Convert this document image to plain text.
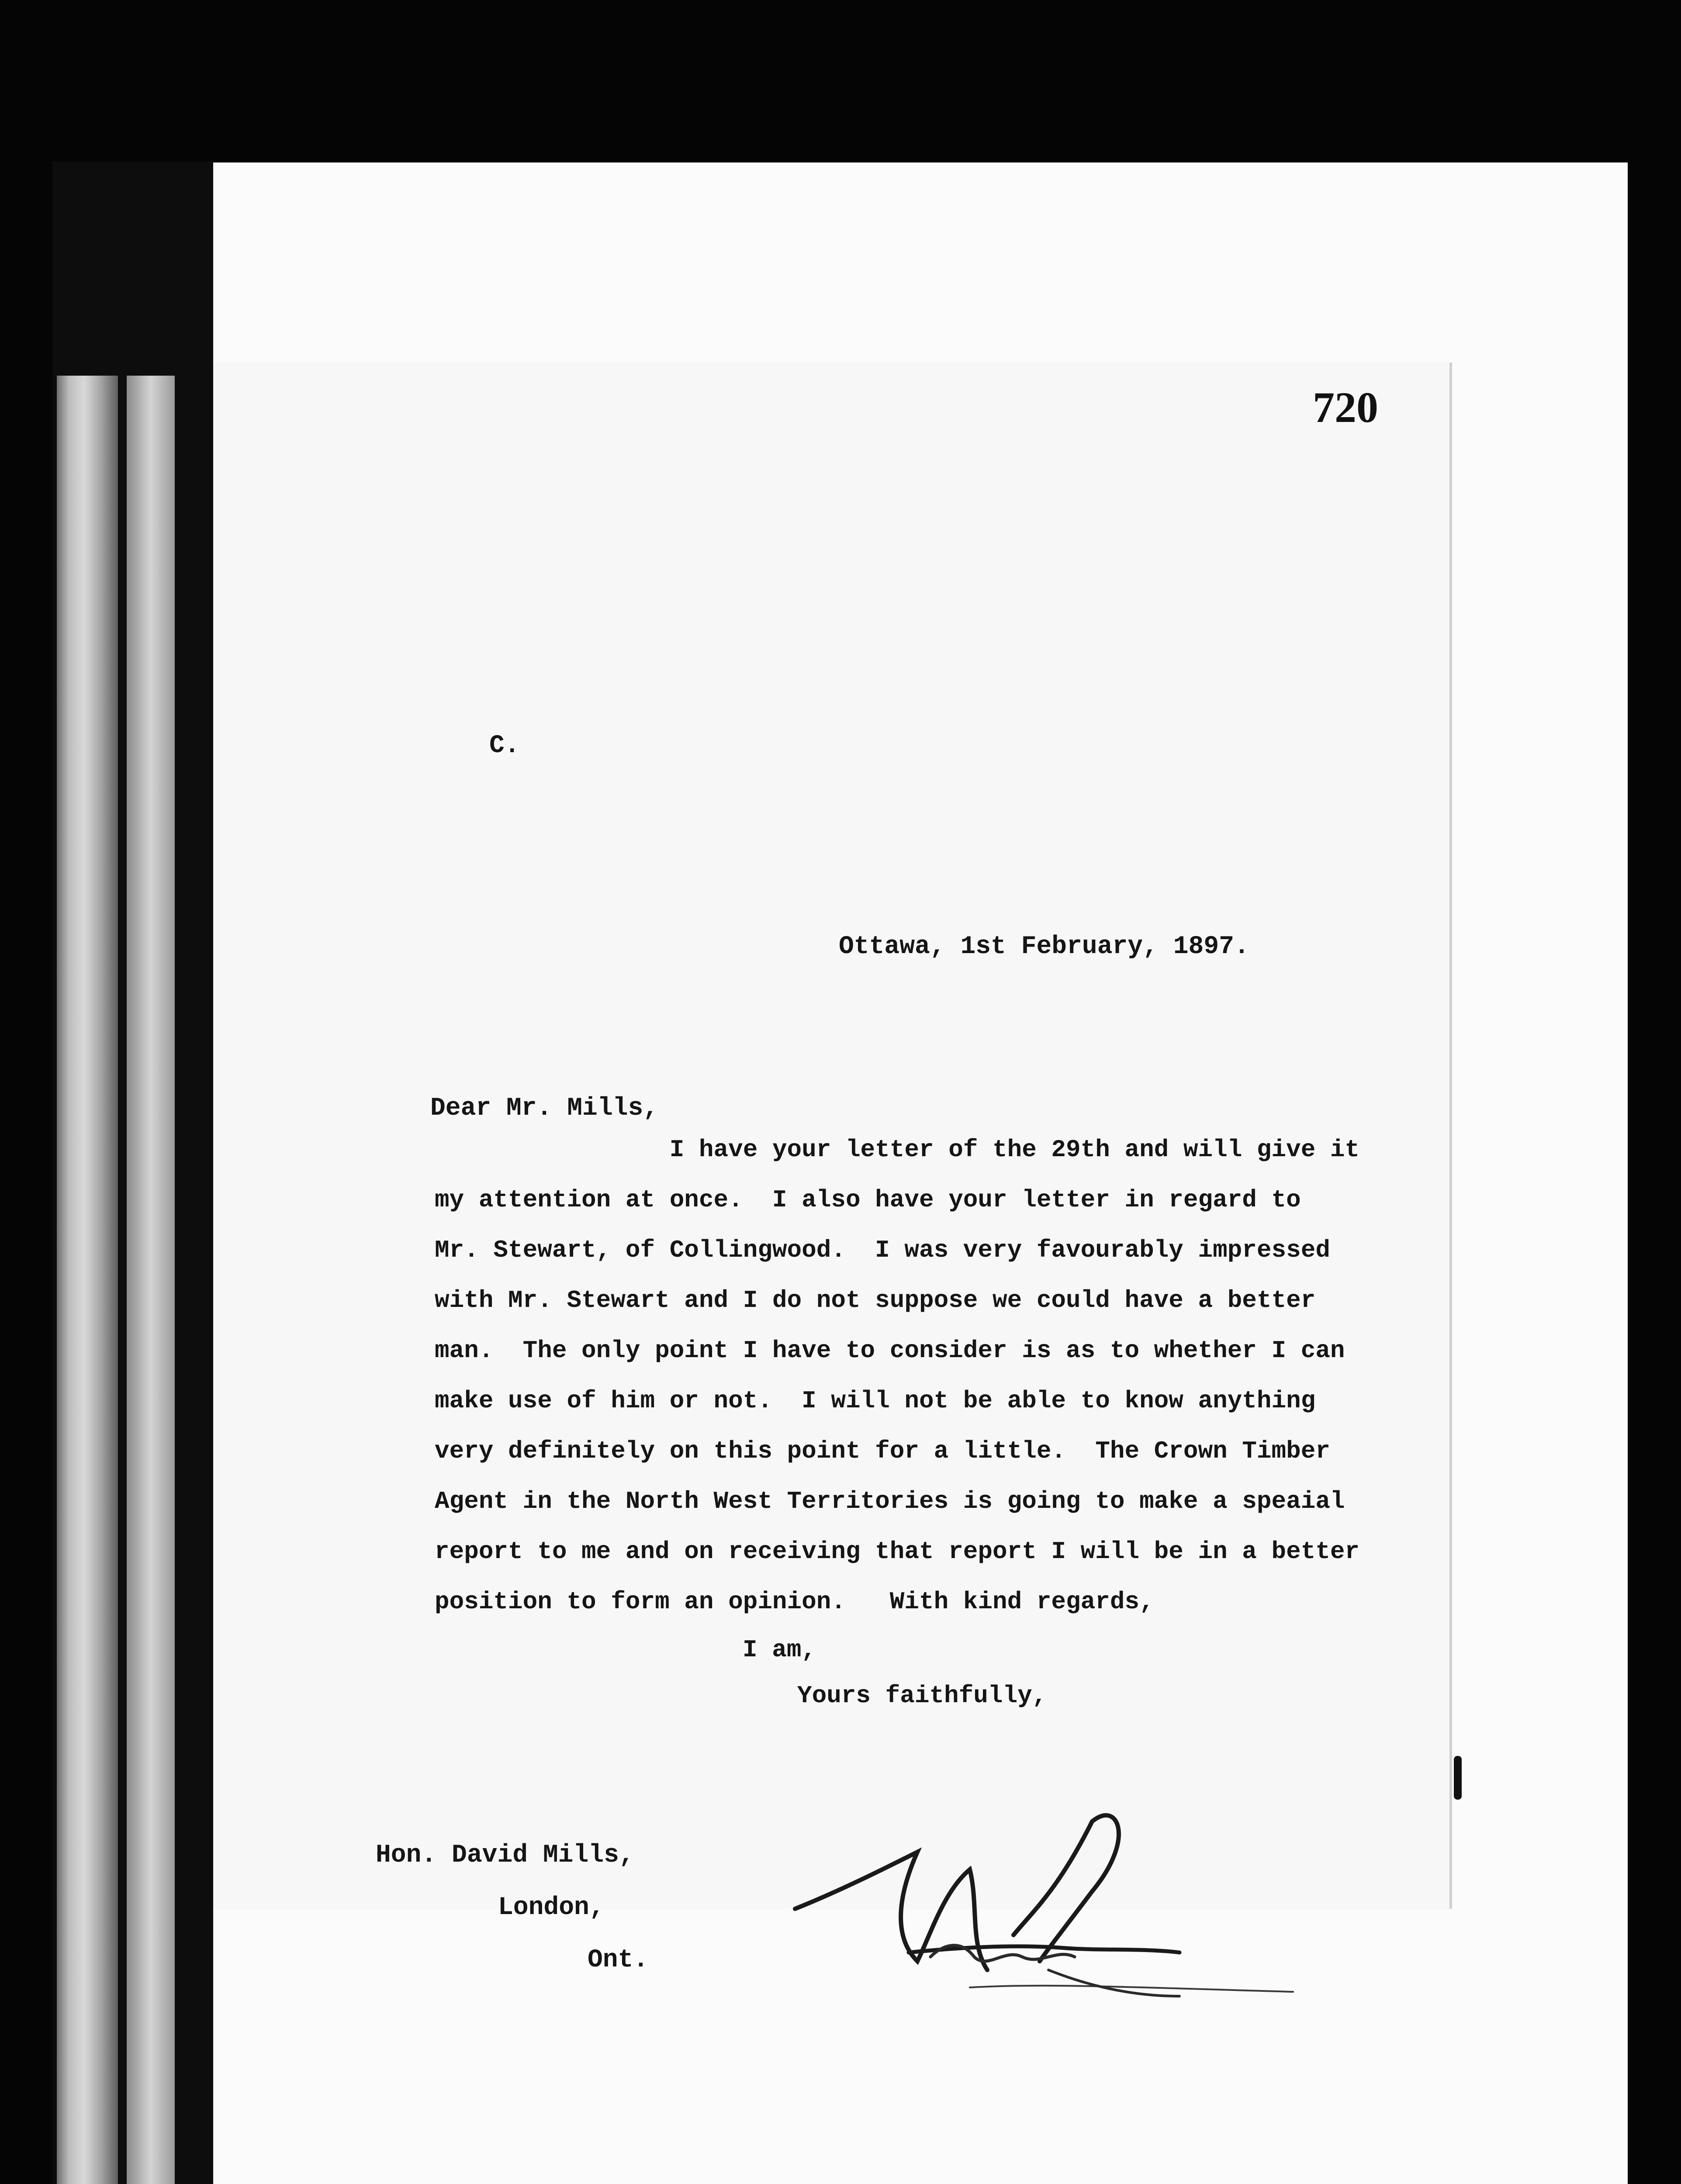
720
C.
Ottawa, 1st February, 1897.
Dear Mr. Mills,
I have your letter of the 29th and will give it
my attention at once.  I also have your letter in regard to
Mr. Stewart, of Collingwood.  I was very favourably impressed
with Mr. Stewart and I do not suppose we could have a better
man.  The only point I have to consider is as to whether I can
make use of him or not.  I will not be able to know anything
very definitely on this point for a little.  The Crown Timber
Agent in the North West Territories is going to make a speaial
report to me and on receiving that report I will be in a better
position to form an opinion.   With kind regards,
I am,
Yours faithfully,
Hon. David Mills,
London,
Ont.
